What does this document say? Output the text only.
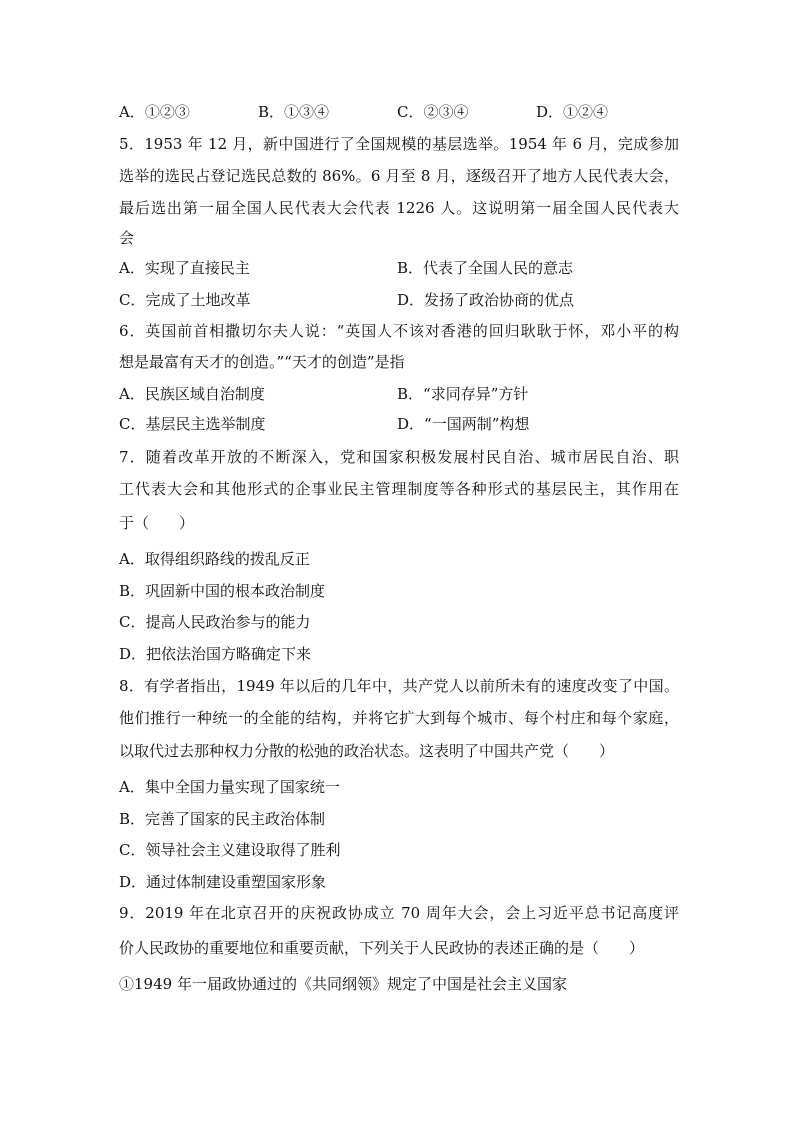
A．①②③	B．①③④	C．②③④	D．①②④
5．1953 年 12 月，新中国进行了全国规模的基层选举。1954 年 6 月，完成参加
选举的选民占登记选民总数的 86%。6 月至 8 月，逐级召开了地方人民代表大会，
最后选出第一届全国人民代表大会代表 1226 人。这说明第一届全国人民代表大
会
A．实现了直接民主	B．代表了全国人民的意志
C．完成了土地改革	D．发扬了政治协商的优点
6．英国前首相撒切尔夫人说：“英国人不该对香港的回归耿耿于怀，邓小平的构
想是最富有天才的创造。”“天才的创造”是指
A．民族区域自治制度	B．“求同存异”方针
C．基层民主选举制度	D．“一国两制”构想
7．随着改革开放的不断深入，党和国家积极发展村民自治、城市居民自治、职
工代表大会和其他形式的企事业民主管理制度等各种形式的基层民主，其作用在
于（　　）
A．取得组织路线的拨乱反正
B．巩固新中国的根本政治制度
C．提高人民政治参与的能力
D．把依法治国方略确定下来
8．有学者指出，1949 年以后的几年中，共产党人以前所未有的速度改变了中国。
他们推行一种统一的全能的结构，并将它扩大到每个城市、每个村庄和每个家庭，
以取代过去那种权力分散的松弛的政治状态。这表明了中国共产党（　　）
A．集中全国力量实现了国家统一
B．完善了国家的民主政治体制
C．领导社会主义建设取得了胜利
D．通过体制建设重塑国家形象
9．2019 年在北京召开的庆祝政协成立 70 周年大会，会上习近平总书记高度评
价人民政协的重要地位和重要贡献，下列关于人民政协的表述正确的是（　　）
①1949 年一届政协通过的《共同纲领》规定了中国是社会主义国家
